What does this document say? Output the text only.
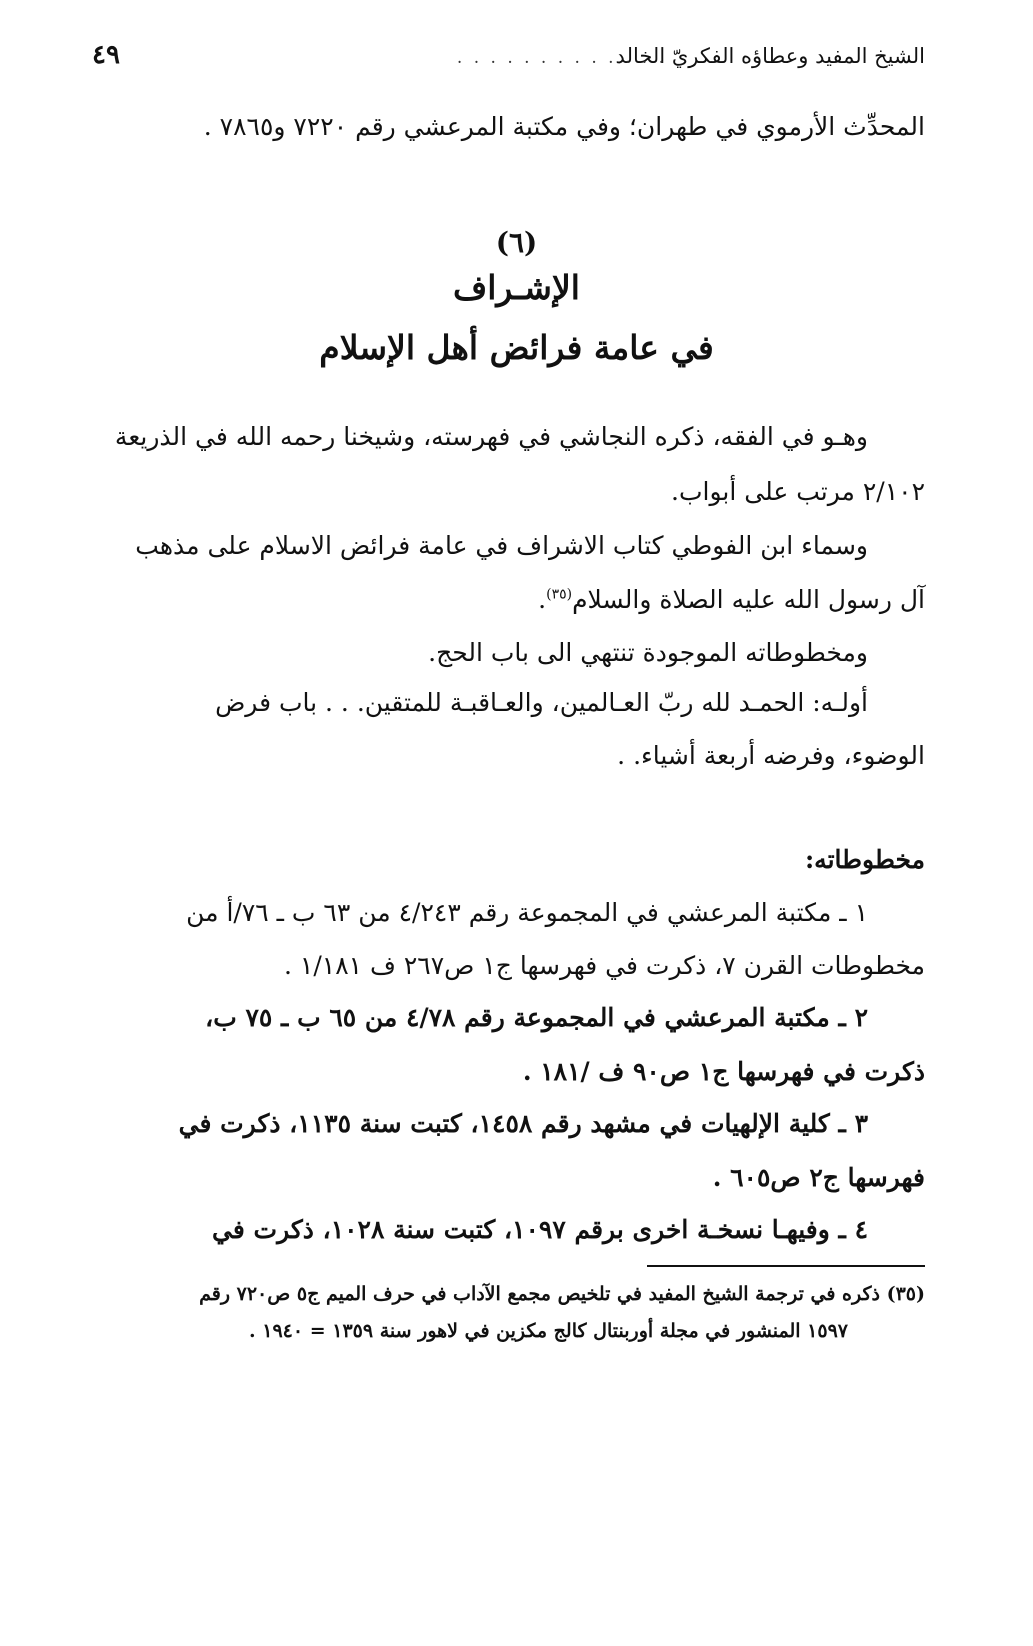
الشيخ المفيد وعطاؤه الفكريّ الخالد
. . . . . . . . . . . . .
٤٩
المحدِّث الأرموي في طهران؛ وفي مكتبة المرعشي رقم ٧٢٢٠ و٧٨٦٥ .
(٦)
الإشـراف
في عامة فرائض أهل الإسلام
وهـو في الفقه، ذكره النجاشي في فهرسته، وشيخنا رحمه الله في الذريعة
٢/١٠٢ مرتب على أبواب.
وسماء ابن الفوطي كتاب الاشراف في عامة فرائض الاسلام على مذهب
آل رسول الله عليه الصلاة والسلام$^{(٣٥)}$.
ومخطوطاته الموجودة تنتهي الى باب الحج.
أولـه: الحمـد لله ربّ العـالمين، والعـاقبـة للمتقين. . . باب فرض
الوضوء، وفرضه أربعة أشياء. .
مخطوطاته:
١ ـ مكتبة المرعشي في المجموعة رقم ٤/٢٤٣ من ٦٣ ب ـ ٧٦/أ من
مخطوطات القرن ٧، ذكرت في فهرسها ج١ ص٢٦٧ ف ١/١٨١ .
٢ ـ مكتبة المرعشي في المجموعة رقم ٤/٧٨ من ٦٥ ب ـ ٧٥ ب،
ذكرت في فهرسها ج١ ص٩٠ ف /١٨١ .
٣ ـ كلية الإلهيات في مشهد رقم ١٤٥٨، كتبت سنة ١١٣٥، ذكرت في
فهرسها ج٢ ص٦٠٥ .
٤ ـ وفيهـا نسخـة اخرى برقم ١٠٩٧، كتبت سنة ١٠٢٨، ذكرت في
(٣٥) ذكره في ترجمة الشيخ المفيد في تلخيص مجمع الآداب في حرف الميم ج٥ ص٧٢٠ رقم
١٥٩٧ المنشور في مجلة أوربنتال كالج مكزين في لاهور سنة ١٣٥٩ = ١٩٤٠ .
